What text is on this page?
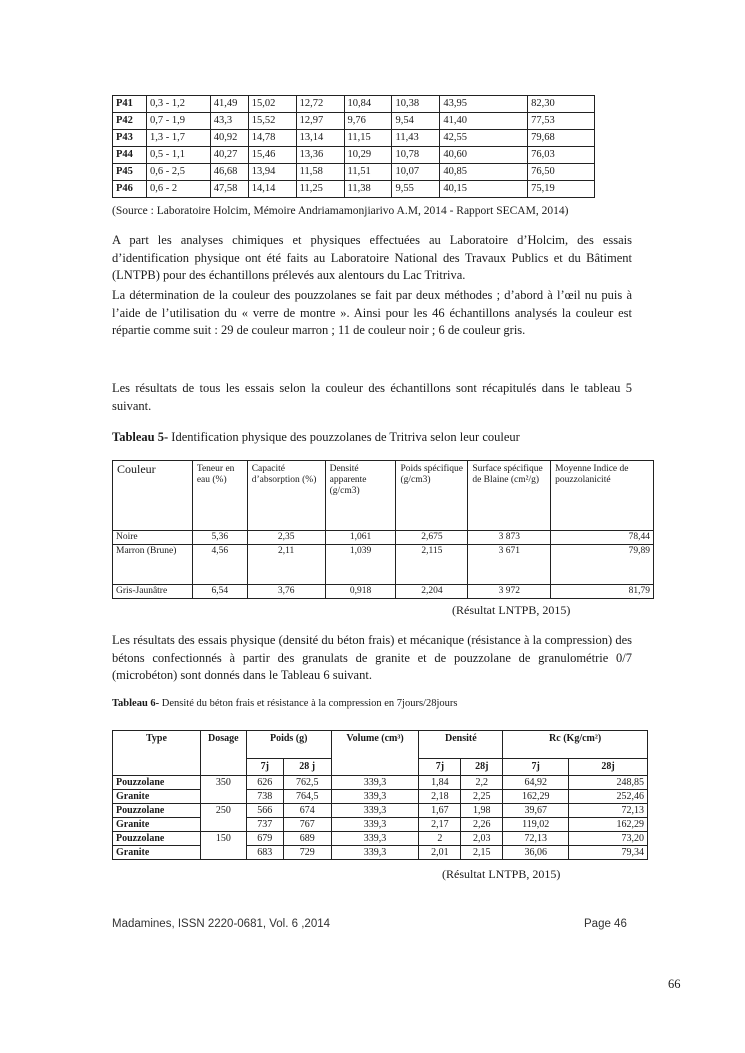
P41	0,3 - 1,2	41,49	15,02	12,72	10,84	10,38	43,95	82,30
P42	0,7 - 1,9	43,3	15,52	12,97	9,76	9,54	41,40	77,53
P43	1,3 - 1,7	40,92	14,78	13,14	11,15	11,43	42,55	79,68
P44	0,5 - 1,1	40,27	15,46	13,36	10,29	10,78	40,60	76,03
P45	0,6 - 2,5	46,68	13,94	11,58	11,51	10,07	40,85	76,50
P46	0,6 - 2	47,58	14,14	11,25	11,38	9,55	40,15	75,19
(Source : Laboratoire Holcim, Mémoire Andriamamonjiarivo A.M, 2014 - Rapport SECAM, 2014)

A part les analyses chimiques et physiques effectuées au Laboratoire d’Holcim, des essais d’identification physique ont été faits au Laboratoire National des Travaux Publics et du Bâtiment (LNTPB) pour des échantillons prélevés aux alentours du Lac Tritriva.

La détermination de la couleur des pouzzolanes se fait par deux méthodes ; d’abord à l’œil nu puis à l’aide de l’utilisation du « verre de montre ». Ainsi pour les 46 échantillons analysés la couleur est répartie comme suit : 29 de couleur marron ; 11 de couleur noir ; 6 de couleur gris.

Les résultats de tous les essais selon la couleur des échantillons sont récapitulés dans le tableau 5 suivant.

Tableau 5- Identification physique des pouzzolanes de Tritriva selon leur couleur
Couleur	Teneur en eau (%)	Capacité d’absorption (%)	Densité apparente (g/cm3)	Poids spécifique (g/cm3)	Surface spécifique de Blaine (cm²/g)	Moyenne Indice de pouzzolanicité
Noire	5,36	2,35	1,061	2,675	3 873	78,44
Marron (Brune)	4,56	2,11	1,039	2,115	3 671	79,89
Gris-Jaunâtre	6,54	3,76	0,918	2,204	3 972	81,79
(Résultat LNTPB, 2015)

Les résultats des essais physique (densité du béton frais) et mécanique (résistance à la compression) des bétons confectionnés à partir des granulats de granite et de pouzzolane de granulométrie 0/7 (microbéton) sont donnés dans le Tableau 6 suivant.

Tableau 6- Densité du béton frais et résistance à la compression en 7jours/28jours
Type	Dosage	Poids (g)		Volume (cm³)	Densité		Rc (Kg/cm²)	
		7j	28 j		7j	28j	7j	28j
Pouzzolane	350	626	762,5	339,3	1,84	2,2	64,92	248,85
Granite		738	764,5	339,3	2,18	2,25	162,29	252,46
Pouzzolane	250	566	674	339,3	1,67	1,98	39,67	72,13
Granite		737	767	339,3	2,17	2,26	119,02	162,29
Pouzzolane	150	679	689	339,3	2	2,03	72,13	73,20
Granite		683	729	339,3	2,01	2,15	36,06	79,34
(Résultat LNTPB, 2015)
Madamines, ISSN 2220-0681, Vol. 6 ,2014	Page 46
66
